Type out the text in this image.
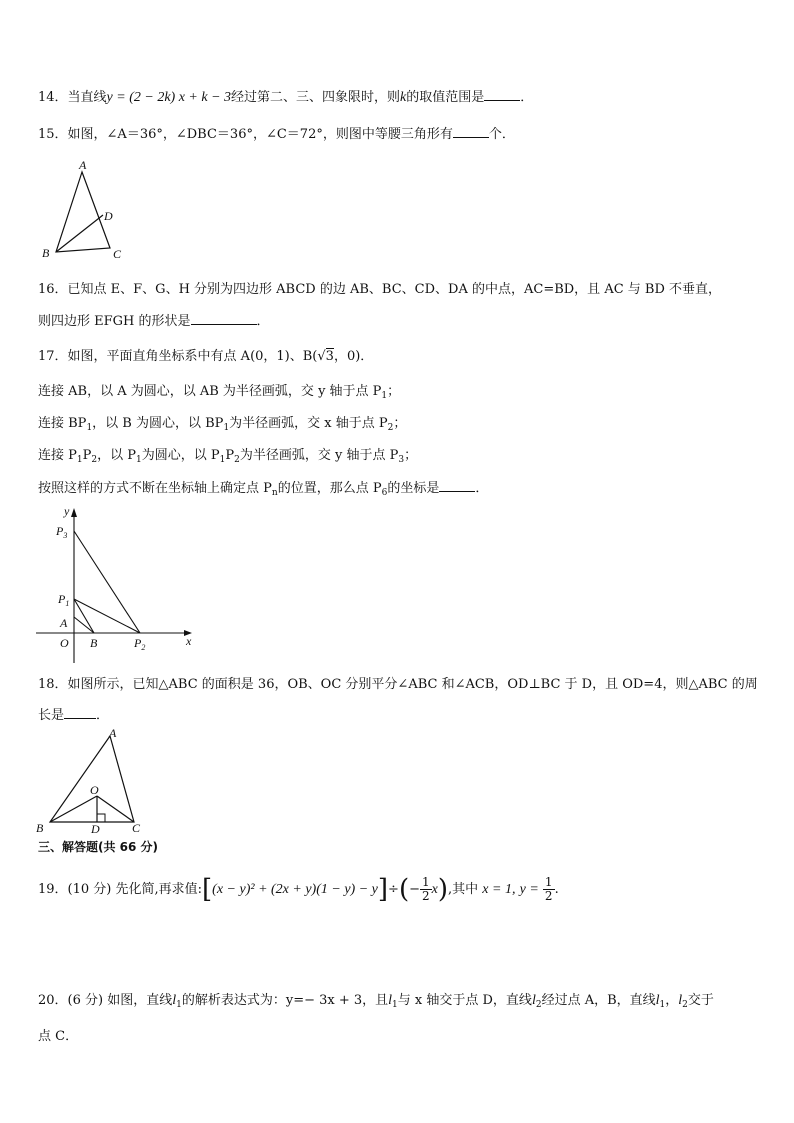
14．当直线y = (2 − 2k) x + k − 3经过第二、三、四象限时，则k的取值范围是	．
15．如图，∠A＝36°，∠DBC＝36°，∠C＝72°，则图中等腰三角形有	个．
A
D
B	C
16．已知点 E、F、G、H 分别为四边形 ABCD 的边 AB、BC、CD、DA 的中点，AC=BD，且 AC 与 BD 不垂直，
则四边形 EFGH 的形状是	．
17．如图，平面直角坐标系中有点 A(0，1)、B(√3，0)．
连接 AB，以 A 为圆心，以 AB 为半径画弧，交 y 轴于点 $P_1$；
连接 $BP_1$，以 B 为圆心，以 $BP_1$为半径画弧，交 x 轴于点 $P_2$；
连接 $P_1P_2$，以 $P_1$为圆心，以 $P_1P_2$为半径画弧，交 y 轴于点 $P_3$；
按照这样的方式不断在坐标轴上确定点 $P_n$的位置，那么点 $P_6$的坐标是	．
y
x
O
A
B
$P_1$
$P_2$
$P_3$
18．如图所示，已知△ABC 的面积是 36，OB、OC 分别平分∠ABC 和∠ACB，OD⊥BC 于 D，且 OD=4，则△ABC 的周
长是 ．
A
O
B	D	C
三、解答题(共 66 分)
19．(10 分) 先化简,再求值:[(x − $y)^2 + (2x + y)(1 - y) - y]\div(- \frac{1}{2} x)$,其中 x = 1, $y = \frac{1}{2}$ .
20．(6 分) 如图，直线$l_1$的解析表达式为：y=− 3x + 3，且$l_1$与 x 轴交于点 D，直线$l_2$经过点 A，B，直线$l_1$，$l_2$交于
点 C．
